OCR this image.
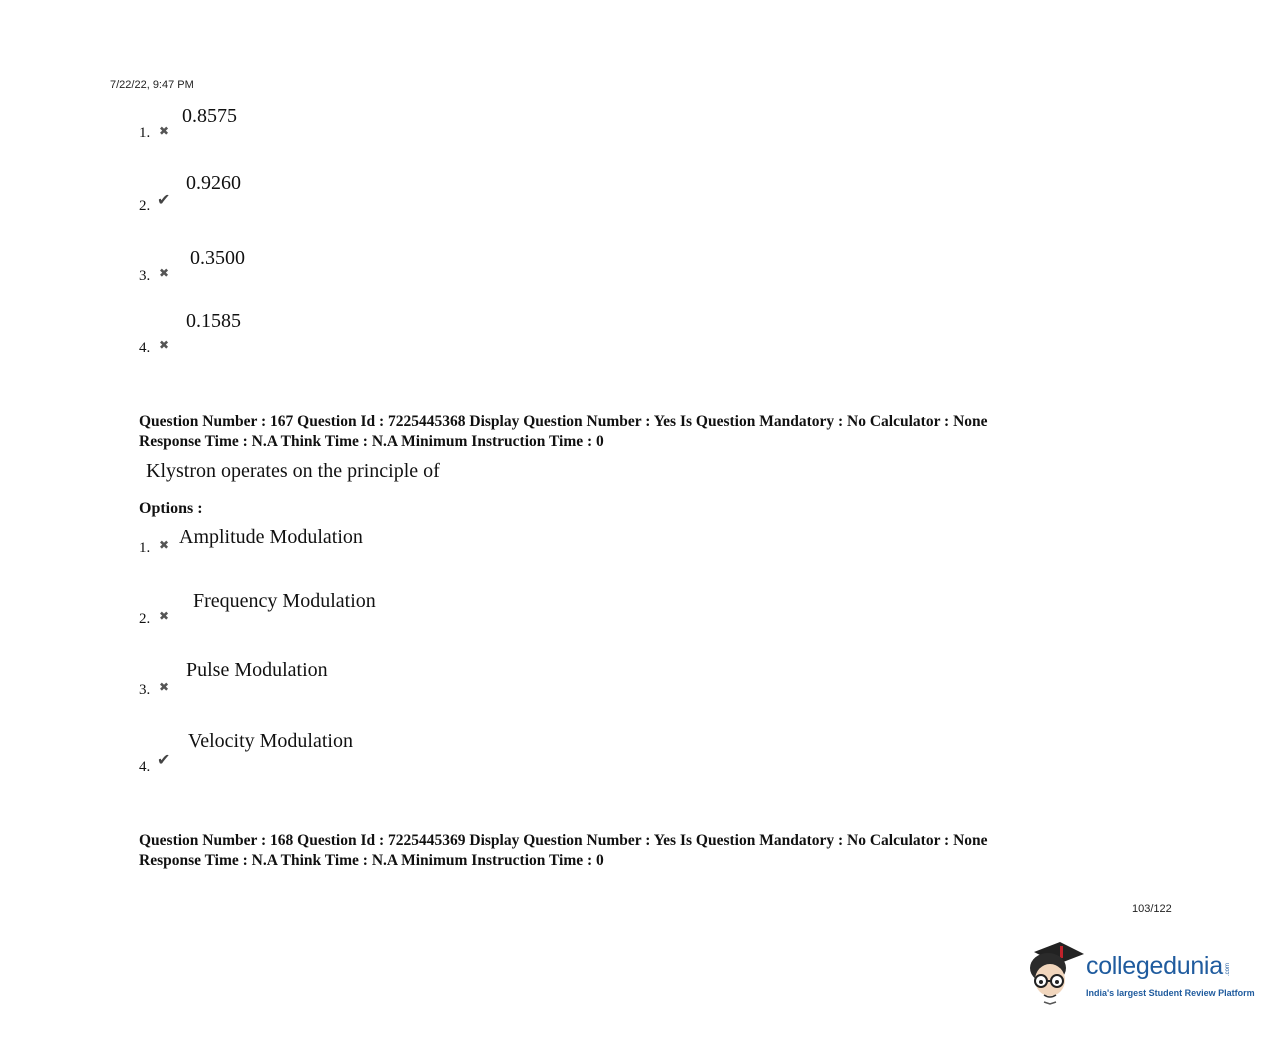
7/22/22, 9:47 PM
1. ✖
0.8575
2. ✔
0.9260
3. ✖
0.3500
4. ✖
0.1585
Question Number : 167 Question Id : 7225445368 Display Question Number : Yes Is Question Mandatory : No Calculator : None
Response Time : N.A Think Time : N.A Minimum Instruction Time : 0
Klystron operates on the principle of
Options :
1. ✖ Amplitude Modulation
2. ✖
Frequency Modulation
3. ✖
Pulse Modulation
4. ✔
Velocity Modulation
Question Number : 168 Question Id : 7225445369 Display Question Number : Yes Is Question Mandatory : No Calculator : None
Response Time : N.A Think Time : N.A Minimum Instruction Time : 0
103/122
collegedunia .com
India's largest Student Review Platform
